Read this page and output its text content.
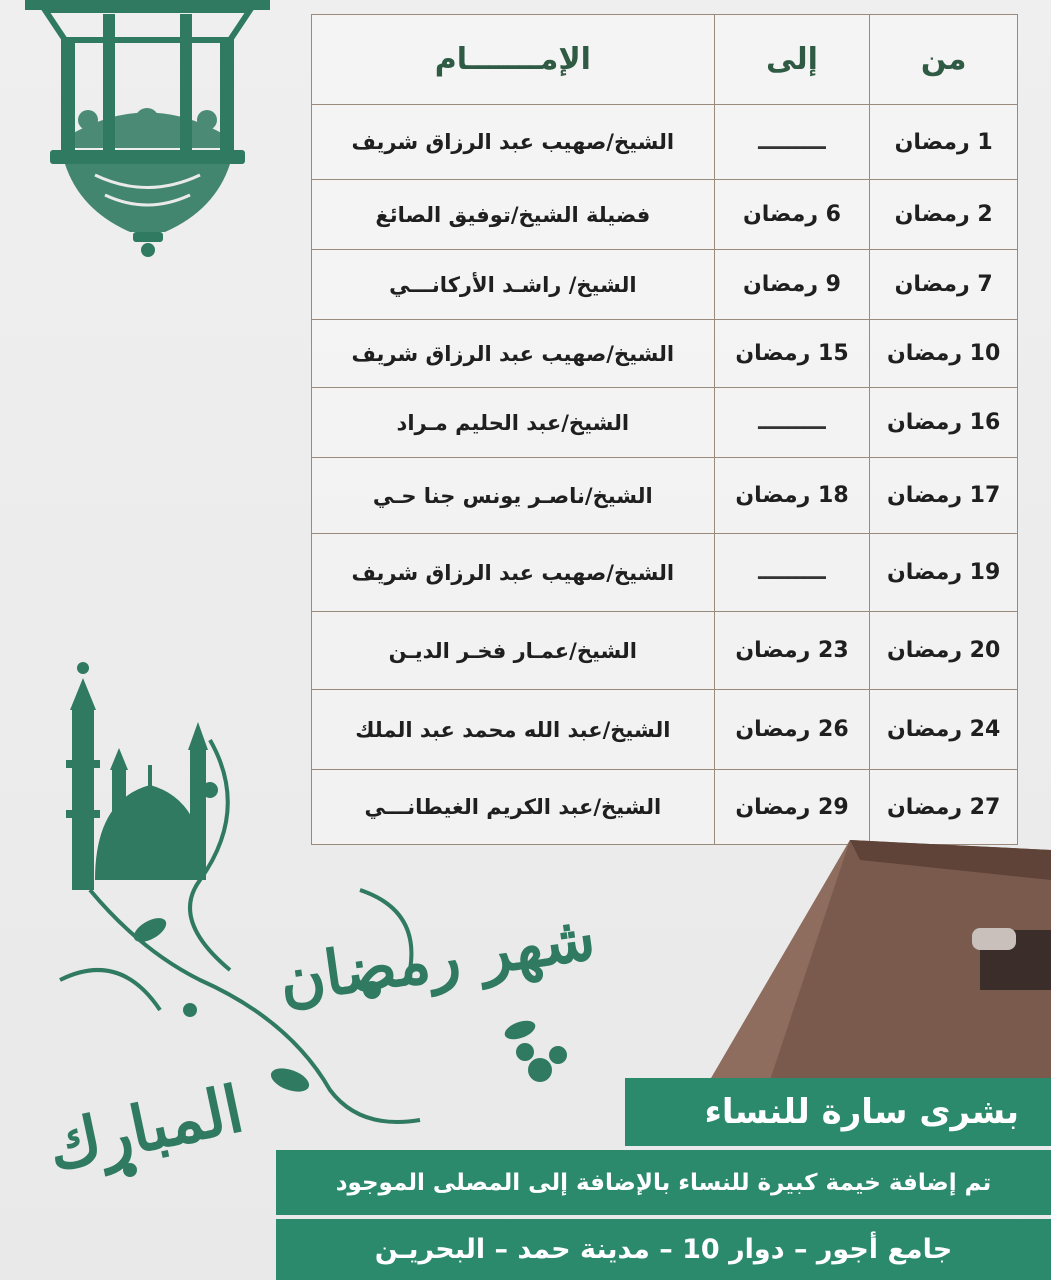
من	إلى	الإمـــــــام
1 رمضان	ـــــــــ	الشيخ/صهيب عبد الرزاق شريف
2 رمضان	6 رمضان	فضيلة الشيخ/توفيق الصائغ
7 رمضان	9 رمضان	الشيخ/ راشـد الأركانـــي
10 رمضان	15 رمضان	الشيخ/صهيب عبد الرزاق شريف
16 رمضان	ـــــــــ	الشيخ/عبد الحليم مـراد
17 رمضان	18 رمضان	الشيخ/ناصـر يونس جنا حـي
19 رمضان	ـــــــــ	الشيخ/صهيب عبد الرزاق شريف
20 رمضان	23 رمضان	الشيخ/عمـار فخـر الديـن
24 رمضان	26 رمضان	الشيخ/عبد الله محمد عبد الملك
27 رمضان	29 رمضان	الشيخ/عبد الكريم الغيطانـــي
شهر رمضان
المبارك	بشرى سارة للنساء
تم إضافة خيمة كبيرة للنساء بالإضافة إلى المصلى الموجود
جامع أجور – دوار 10 – مدينة حمد – البحريـن
